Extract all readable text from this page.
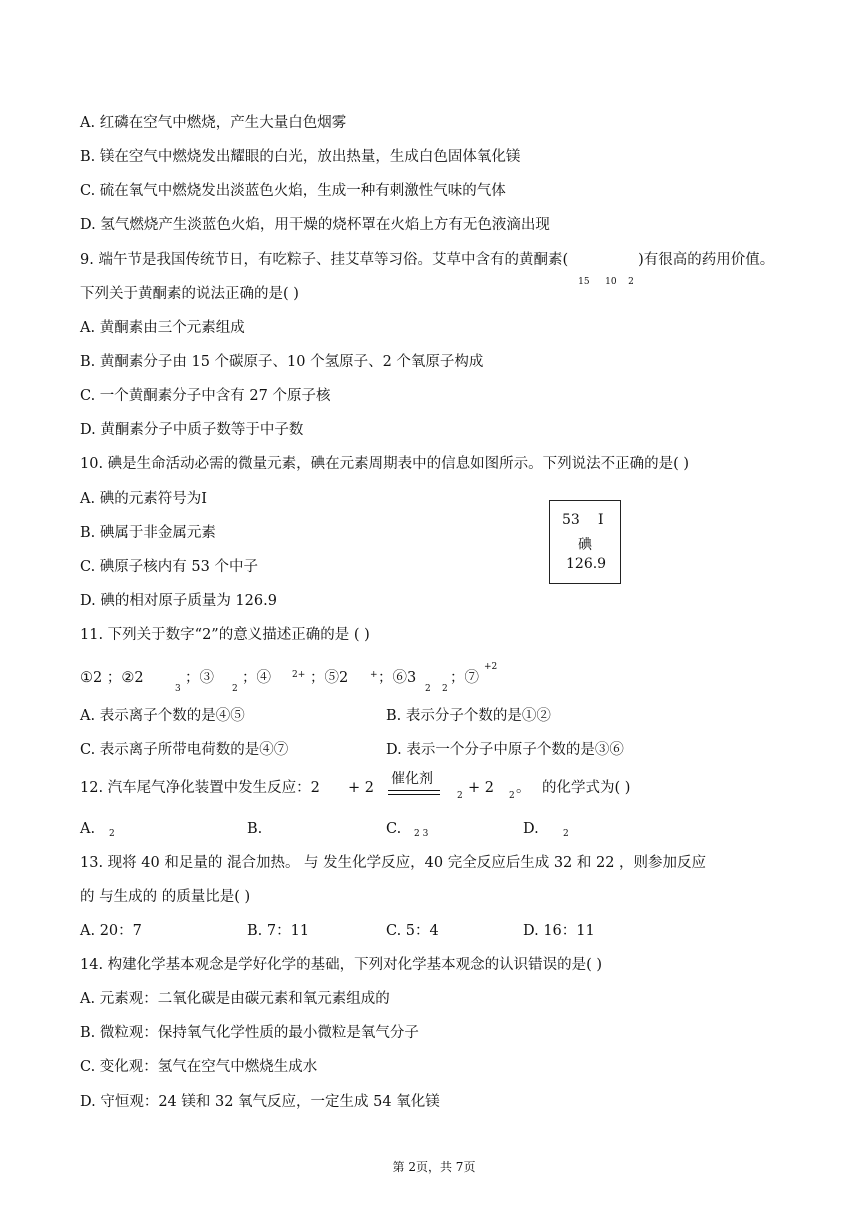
A. 红磷在空气中燃烧，产生大量白色烟雾
B. 镁在空气中燃烧发出耀眼的白光，放出热量，生成白色固体氧化镁
C. 硫在氧气中燃烧发出淡蓝色火焰，生成一种有刺激性气味的气体
D. 氢气燃烧产生淡蓝色火焰，用干燥的烧杯罩在火焰上方有无色液滴出现
9. 端午节是我国传统节日，有吃粽子、挂艾草等习俗。艾草中含有的黄酮素(
15 10 2
)有很高的药用价值。
下列关于黄酮素的说法正确的是( )
A. 黄酮素由三个元素组成
B. 黄酮素分子由 15 个碳原子、10 个氢原子、2 个氧原子构成
C. 一个黄酮素分子中含有 27 个原子核
D. 黄酮素分子中质子数等于中子数
10. 碘是生命活动必需的微量元素，碘在元素周期表中的信息如图所示。下列说法不正确的是( )
A. 碘的元素符号为I
B. 碘属于非金属元素
C. 碘原子核内有 53 个中子
D. 碘的相对原子质量为 126.9
53 I
碘
126.9
11. 下列关于数字“2”的意义描述正确的是 ( )
①2 ；②2
3
；③
2
；④ 2+ ；⑤2 + ；⑥3
2 2
；⑦
+2
A. 表示离子个数的是④⑤	B. 表示分子个数的是①②
C. 表示离子所带电荷数的是④⑦	D. 表示一个分子中原子个数的是③⑥
12. 汽车尾气净化装置中发生反应：2 + 2
催化剂
2 + 2 2 。 的化学式为( )
A. 2	B.	C. 2 3	D.	2
13. 现将 40 和足量的 混合加热。 与 发生化学反应，40 完全反应后生成 32 和 22 ，则参加反应
的 与生成的 的质量比是( )
A. 20：7	B. 7：11	C. 5：4	D. 16：11
14. 构建化学基本观念是学好化学的基础，下列对化学基本观念的认识错误的是( )
A. 元素观：二氧化碳是由碳元素和氧元素组成的
B. 微粒观：保持氧气化学性质的最小微粒是氧气分子
C. 变化观：氢气在空气中燃烧生成水
D. 守恒观：24 镁和 32 氧气反应，一定生成 54 氧化镁
第 2页，共 7页
